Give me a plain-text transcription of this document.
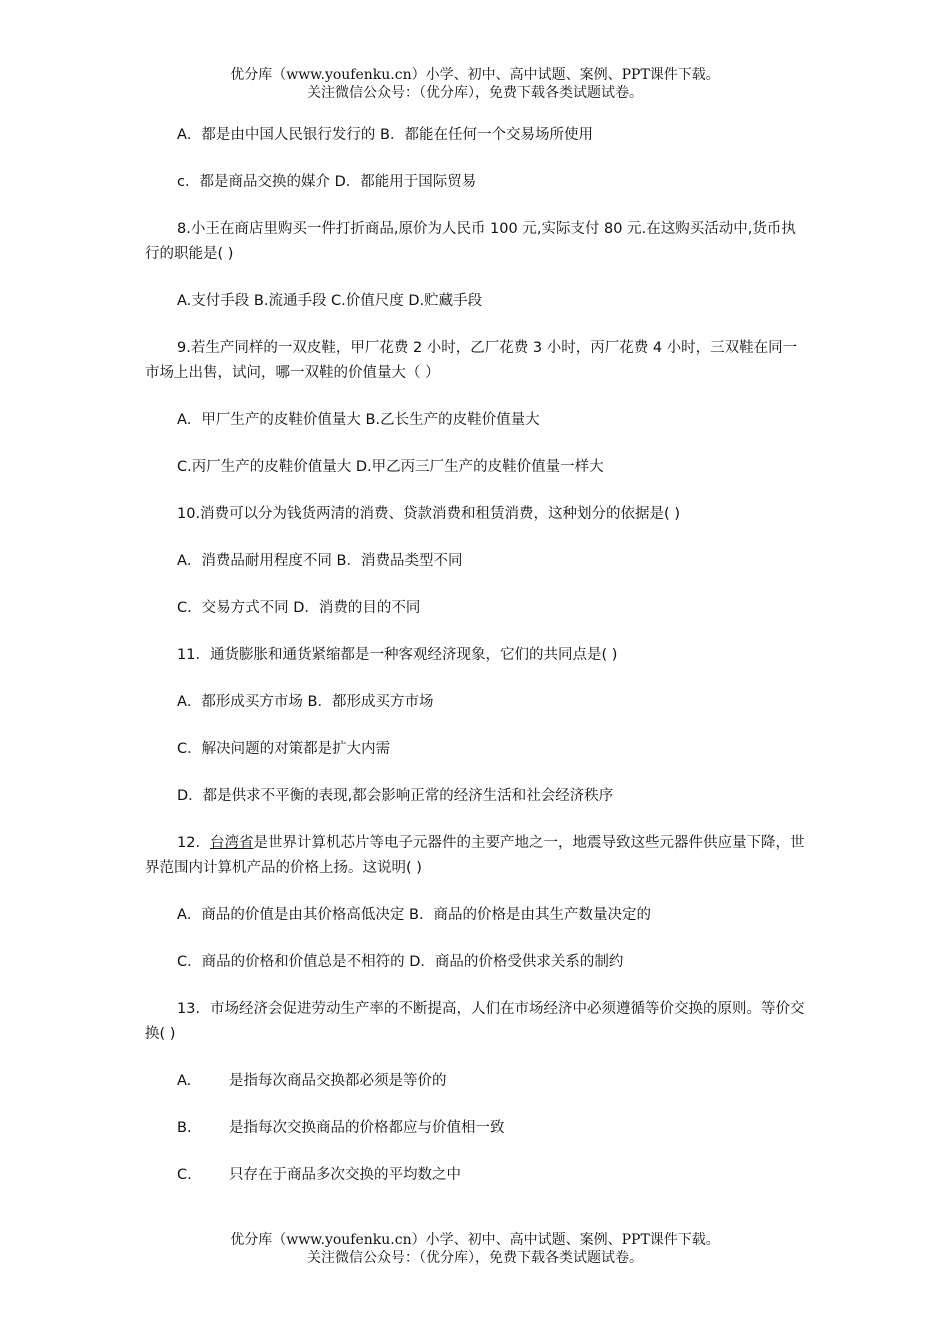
优分库（www.youfenku.cn）小学、初中、高中试题、案例、PPT课件下载。
关注微信公众号：（优分库），免费下载各类试题试卷。

A．都是由中国人民银行发行的 B．都能在任何一个交易场所使用

c．都是商品交换的媒介 D．都能用于国际贸易

8.小王在商店里购买一件打折商品,原价为人民币 100 元,实际支付 80 元.在这购买活动中,货币执行的职能是( )

A.支付手段 B.流通手段 C.价值尺度 D.贮藏手段

9.若生产同样的一双皮鞋，甲厂花费 2 小时，乙厂花费 3 小时，丙厂花费 4 小时，三双鞋在同一市场上出售，试问，哪一双鞋的价值量大（ ）

A．甲厂生产的皮鞋价值量大 B.乙长生产的皮鞋价值量大

C.丙厂生产的皮鞋价值量大 D.甲乙丙三厂生产的皮鞋价值量一样大

10.消费可以分为钱货两清的消费、贷款消费和租赁消费，这种划分的依据是( )

A．消费品耐用程度不同 B．消费品类型不同

C．交易方式不同 D．消费的目的不同

11．通货膨胀和通货紧缩都是一种客观经济现象，它们的共同点是( )

A．都形成买方市场 B．都形成买方市场

C．解决问题的对策都是扩大内需

D．都是供求不平衡的表现,都会影响正常的经济生活和社会经济秩序

12．台湾省是世界计算机芯片等电子元器件的主要产地之一，地震导致这些元器件供应量下降，世界范围内计算机产品的价格上扬。这说明( )

A．商品的价值是由其价格高低决定 B．商品的价格是由其生产数量决定的

C．商品的价格和价值总是不相符的 D．商品的价格受供求关系的制约

13．市场经济会促进劳动生产率的不断提高，人们在市场经济中必须遵循等价交换的原则。等价交换( )

A.	是指每次商品交换都必须是等价的

B.	是指每次交换商品的价格都应与价值相一致

C.	只存在于商品多次交换的平均数之中

优分库（www.youfenku.cn）小学、初中、高中试题、案例、PPT课件下载。
关注微信公众号：（优分库），免费下载各类试题试卷。
